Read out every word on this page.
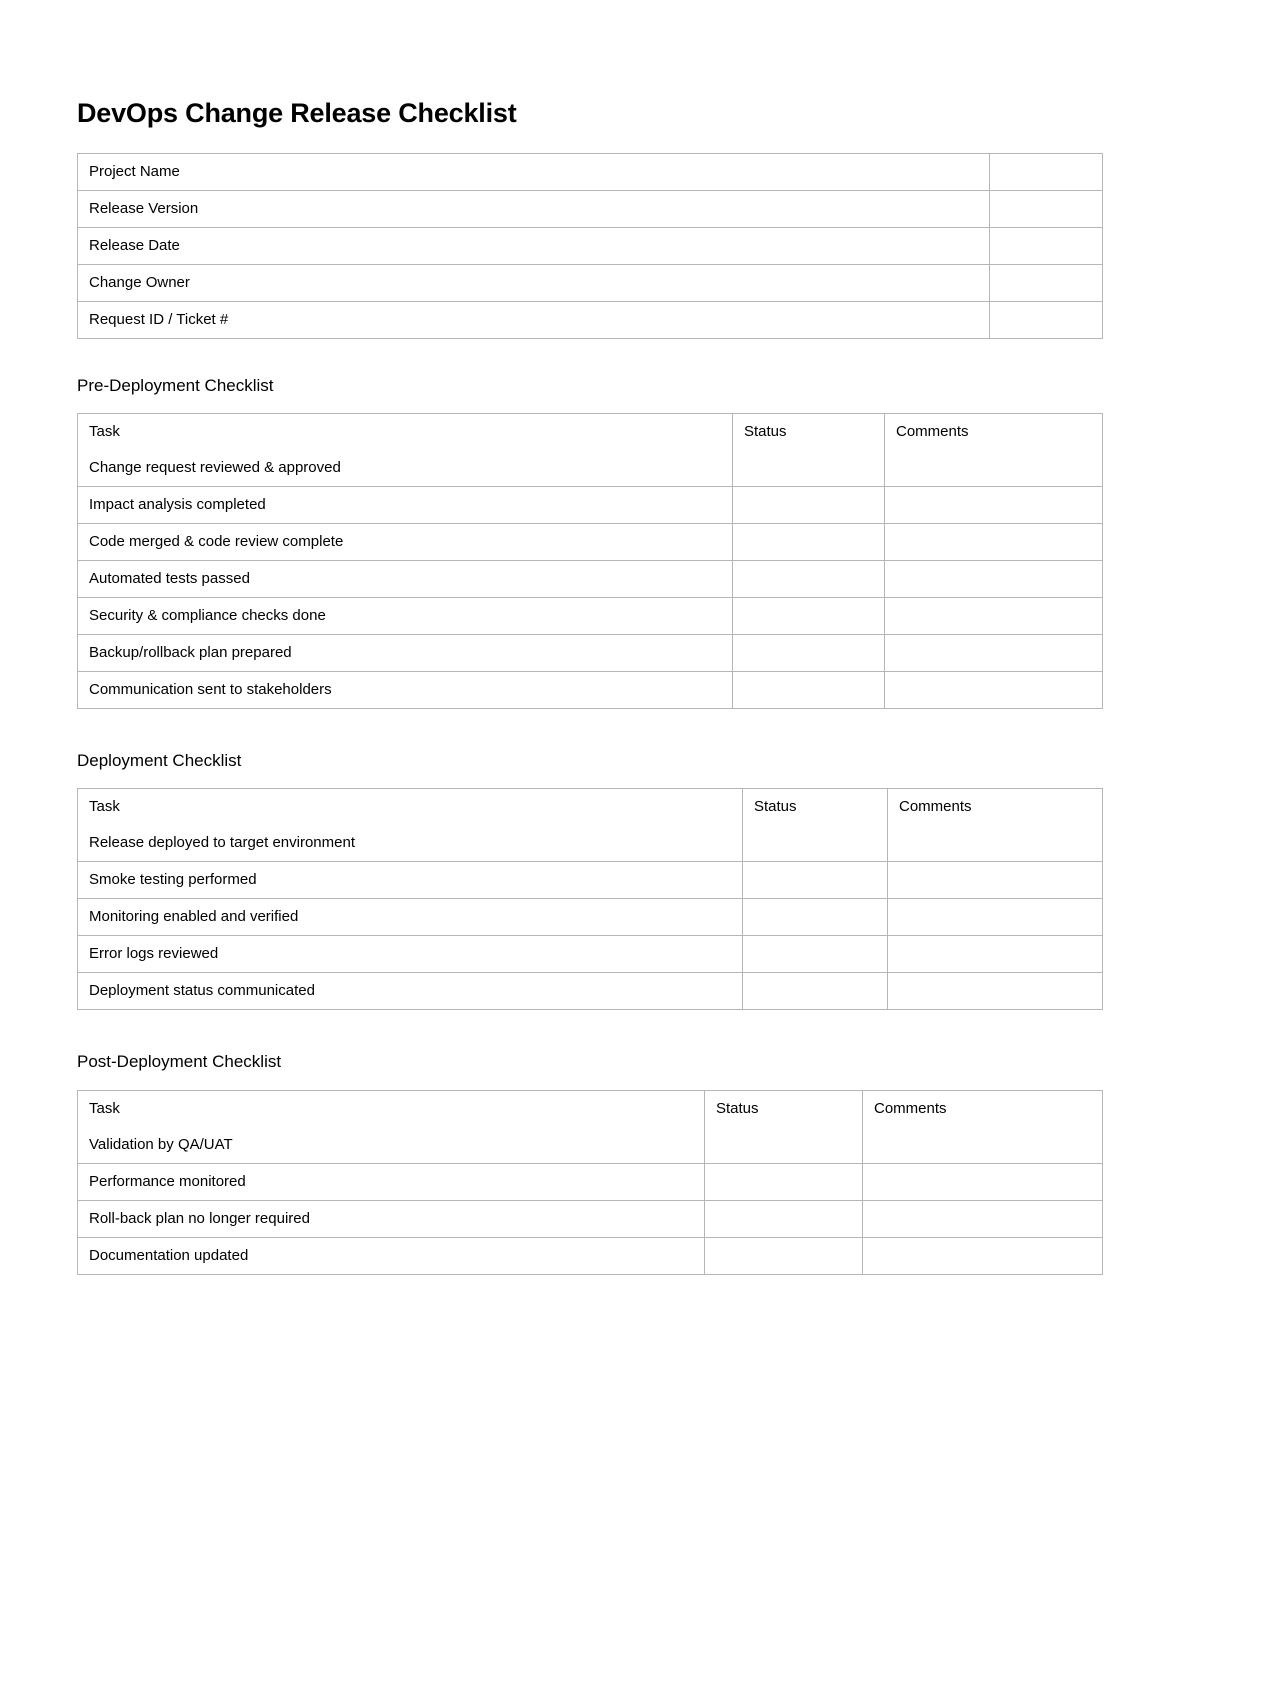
DevOps Change Release Checklist
Project Name	
Release Version	
Release Date	
Change Owner	
Request ID / Ticket #	
Pre-Deployment Checklist
Task	Status	Comments
Change request reviewed & approved		
Impact analysis completed		
Code merged & code review complete		
Automated tests passed		
Security & compliance checks done		
Backup/rollback plan prepared		
Communication sent to stakeholders		
Deployment Checklist
Task	Status	Comments
Release deployed to target environment		
Smoke testing performed		
Monitoring enabled and verified		
Error logs reviewed		
Deployment status communicated		
Post-Deployment Checklist
Task	Status	Comments
Validation by QA/UAT		
Performance monitored		
Roll-back plan no longer required		
Documentation updated		
